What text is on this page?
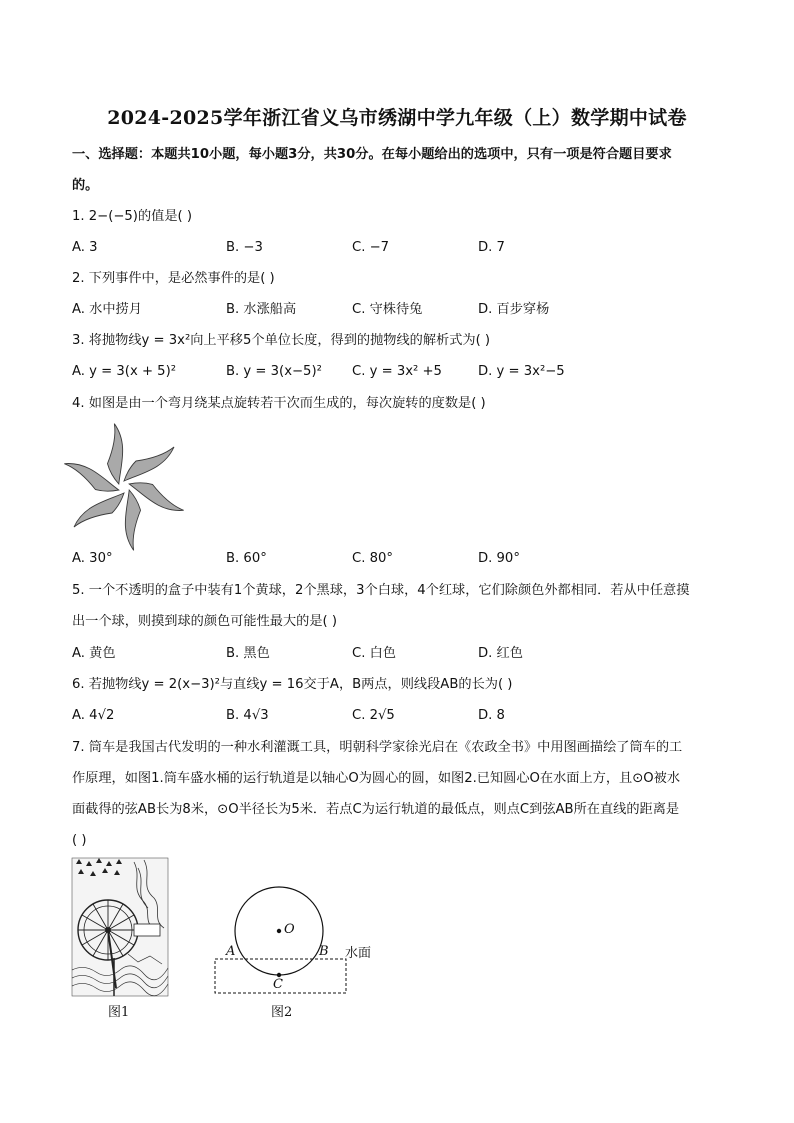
2024-2025学年浙江省义乌市绣湖中学九年级（上）数学期中试卷
一、选择题：本题共10小题，每小题3分，共30分。在每小题给出的选项中，只有一项是符合题目要求
的。
1. 2−(−5)的值是( )
A. 3	B. −3	C. −7	D. 7
2. 下列事件中，是必然事件的是( )
A. 水中捞月	B. 水涨船高	C. 守株待兔	D. 百步穿杨
3. 将抛物线y = 3x²向上平移5个单位长度，得到的抛物线的解析式为( )
A. y = 3(x + 5)²	B. y = 3(x−5)² C. y = 3x² +5	D. y = 3x²−5
4. 如图是由一个弯月绕某点旋转若干次而生成的，每次旋转的度数是( )
A. 30°	B. 60°	C. 80°	D. 90°
5. 一个不透明的盒子中装有1个黄球，2个黑球，3个白球，4个红球，它们除颜色外都相同．若从中任意摸
出一个球，则摸到球的颜色可能性最大的是( )
A. 黄色	B. 黑色	C. 白色	D. 红色
6. 若抛物线y = 2(x−3)²与直线y = 16交于A，B两点，则线段AB的长为( )
A. 4√2	B. 4√3	C. 2√5	D. 8
7. 筒车是我国古代发明的一种水利灌溉工具，明朝科学家徐光启在《农政全书》中用图画描绘了筒车的工
作原理，如图1.筒车盛水桶的运行轨道是以轴心O为圆心的圆，如图2.已知圆心O在水面上方，且⊙O被水
面截得的弦AB长为8米，⊙O半径长为5米．若点C为运行轨道的最低点，则点C到弦AB所在直线的距离是
( )
图1
O
A	B
C
水面
图2
